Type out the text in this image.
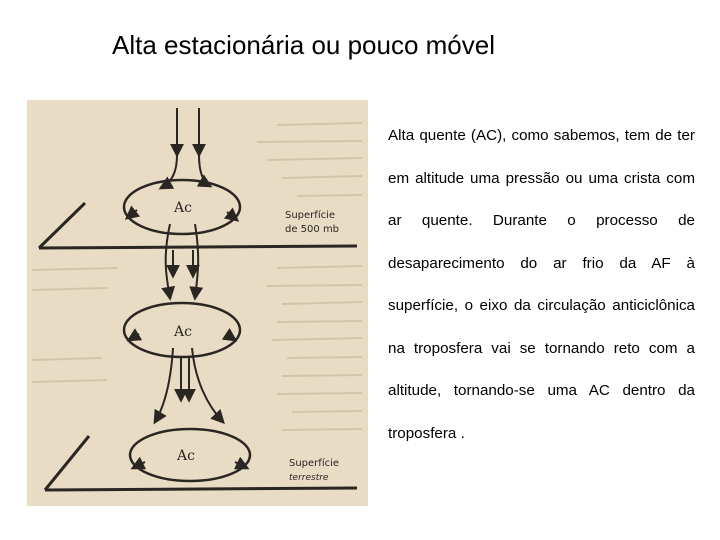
Alta estacionária ou pouco móvel
Ac
Ac
Ac
Superfície
de 500 mb
Superfície
terrestre
Alta quente (AC), como sabemos, tem de ter em altitude uma pressão ou uma crista com ar quente. Durante o processo de desaparecimento do ar frio da AF à superfície, o eixo da circulação anticiclônica na troposfera vai se tornando reto com a altitude, tornando-se uma AC dentro da troposfera .
